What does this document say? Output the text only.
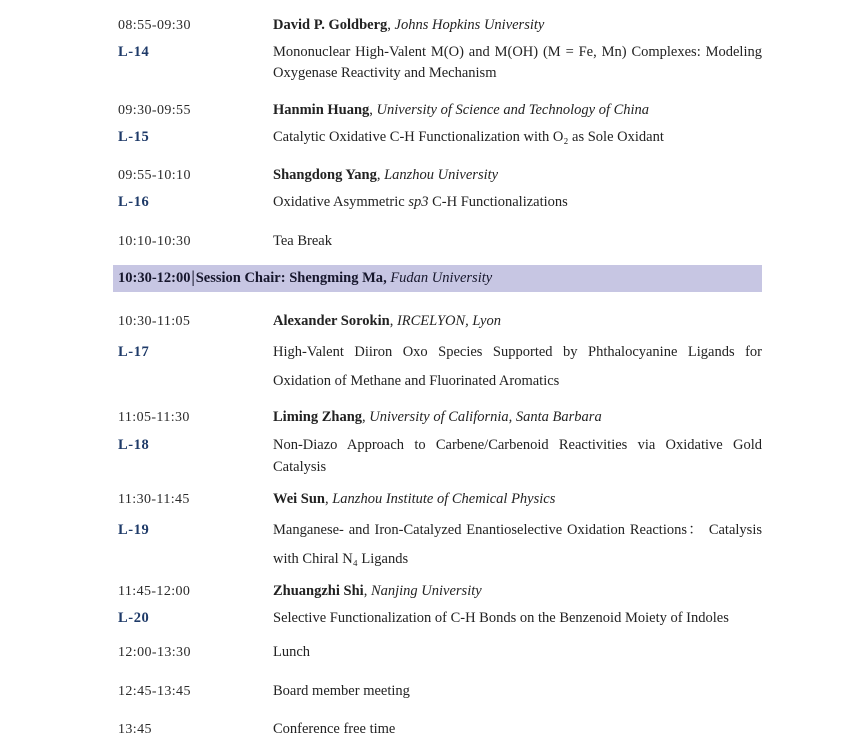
08:55-09:30	David P. Goldberg, Johns Hopkins University
L-14	Mononuclear High-Valent M(O) and M(OH) (M = Fe, Mn) Complexes: Modeling Oxygenase Reactivity and Mechanism
09:30-09:55	Hanmin Huang, University of Science and Technology of China
L-15	Catalytic Oxidative C-H Functionalization with O₂ as Sole Oxidant
09:55-10:10	Shangdong Yang, Lanzhou University
L-16	Oxidative Asymmetric sp3 C-H Functionalizations
10:10-10:30	Tea Break
10:30-12:00|Session Chair: Shengming Ma, Fudan University
10:30-11:05	Alexander Sorokin, IRCELYON, Lyon
L-17	High-Valent Diiron Oxo Species Supported by Phthalocyanine Ligands for Oxidation of Methane and Fluorinated Aromatics
11:05-11:30	Liming Zhang, University of California, Santa Barbara
L-18	Non-Diazo Approach to Carbene/Carbenoid Reactivities via Oxidative Gold Catalysis
11:30-11:45	Wei Sun, Lanzhou Institute of Chemical Physics
L-19	Manganese- and Iron-Catalyzed Enantioselective Oxidation Reactions： Catalysis with Chiral N₄ Ligands
11:45-12:00	Zhuangzhi Shi, Nanjing University
L-20	Selective Functionalization of C-H Bonds on the Benzenoid Moiety of Indoles
12:00-13:30	Lunch
12:45-13:45	Board member meeting
13:45	Conference free time
